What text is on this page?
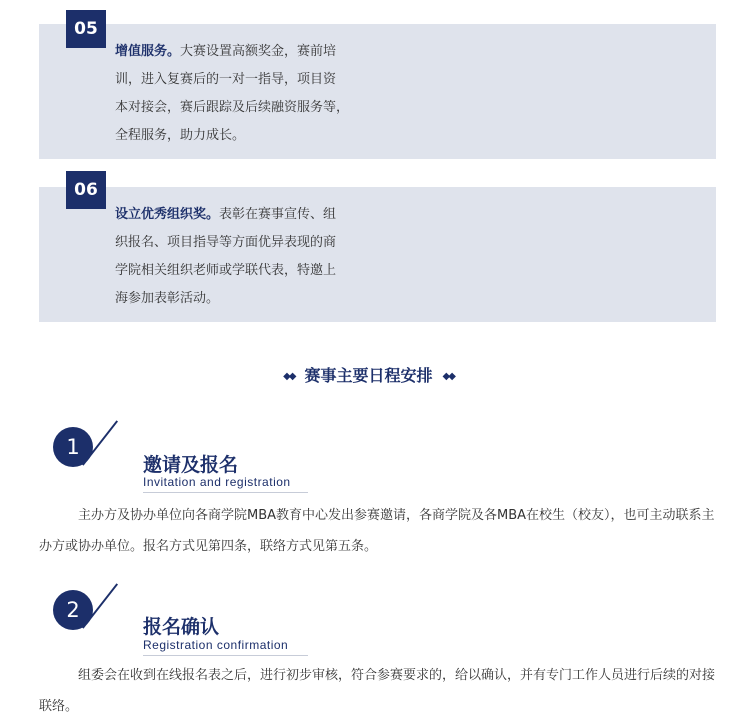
05
增值服务。大赛设置高额奖金，赛前培
训，进入复赛后的一对一指导，项目资
本对接会，赛后跟踪及后续融资服务等，
全程服务，助力成长。
06
设立优秀组织奖。表彰在赛事宣传、组
织报名、项目指导等方面优异表现的商
学院相关组织老师或学联代表，特邀上
海参加表彰活动。
◆◆ 赛事主要日程安排 ◆◆
1
邀请及报名
Invitation and registration
主办方及协办单位向各商学院MBA教育中心发出参赛邀请，各商学院及各MBA在校生（校友），也可主动联系主办方或协办单位。报名方式见第四条，联络方式见第五条。
2
报名确认
Registration confirmation
组委会在收到在线报名表之后，进行初步审核，符合参赛要求的，给以确认，并有专门工作人员进行后续的对接联络。
